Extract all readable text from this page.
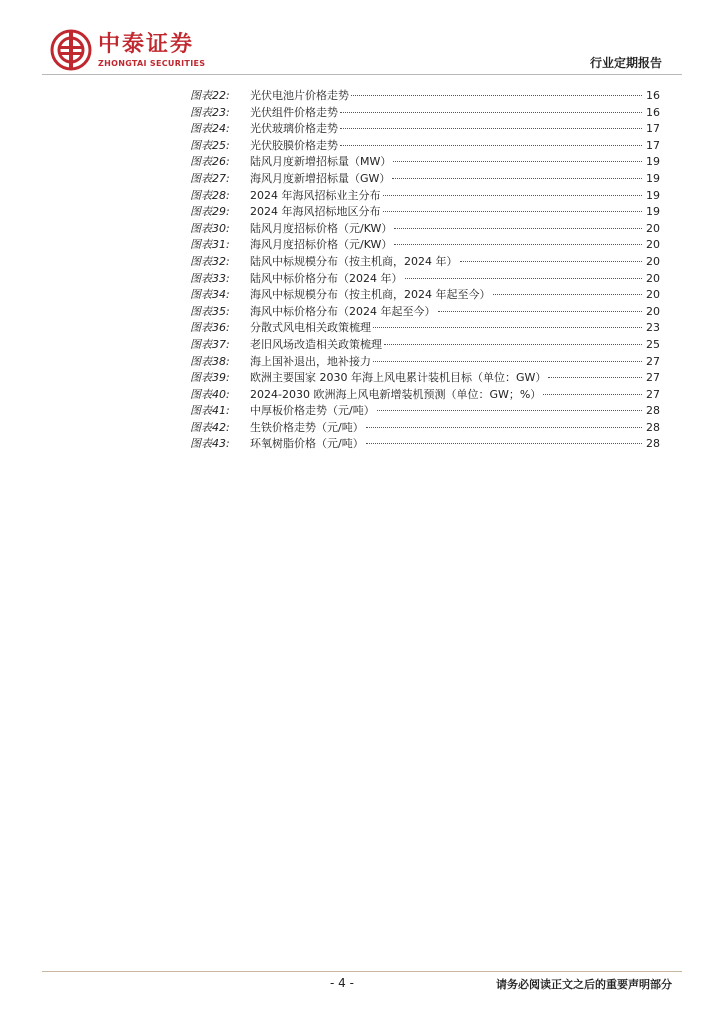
中泰证券
ZHONGTAI SECURITIES	行业定期报告
图表22:	光伏电池片价格走势	16
图表23:	光伏组件价格走势	16
图表24:	光伏玻璃价格走势	17
图表25:	光伏胶膜价格走势	17
图表26:	陆风月度新增招标量（MW）	19
图表27:	海风月度新增招标量（GW）	19
图表28:	2024 年海风招标业主分布	19
图表29:	2024 年海风招标地区分布	19
图表30:	陆风月度招标价格（元/KW）	20
图表31:	海风月度招标价格（元/KW）	20
图表32:	陆风中标规模分布（按主机商，2024 年）	20
图表33:	陆风中标价格分布（2024 年）	20
图表34:	海风中标规模分布（按主机商，2024 年起至今）	20
图表35:	海风中标价格分布（2024 年起至今）	20
图表36:	分散式风电相关政策梳理	23
图表37:	老旧风场改造相关政策梳理	25
图表38:	海上国补退出，地补接力	27
图表39:	欧洲主要国家 2030 年海上风电累计装机目标（单位：GW）	27
图表40:	2024-2030 欧洲海上风电新增装机预测（单位：GW；%）	27
图表41:	中厚板价格走势（元/吨）	28
图表42:	生铁价格走势（元/吨）	28
图表43:	环氧树脂价格（元/吨）	28
- 4 -	请务必阅读正文之后的重要声明部分
